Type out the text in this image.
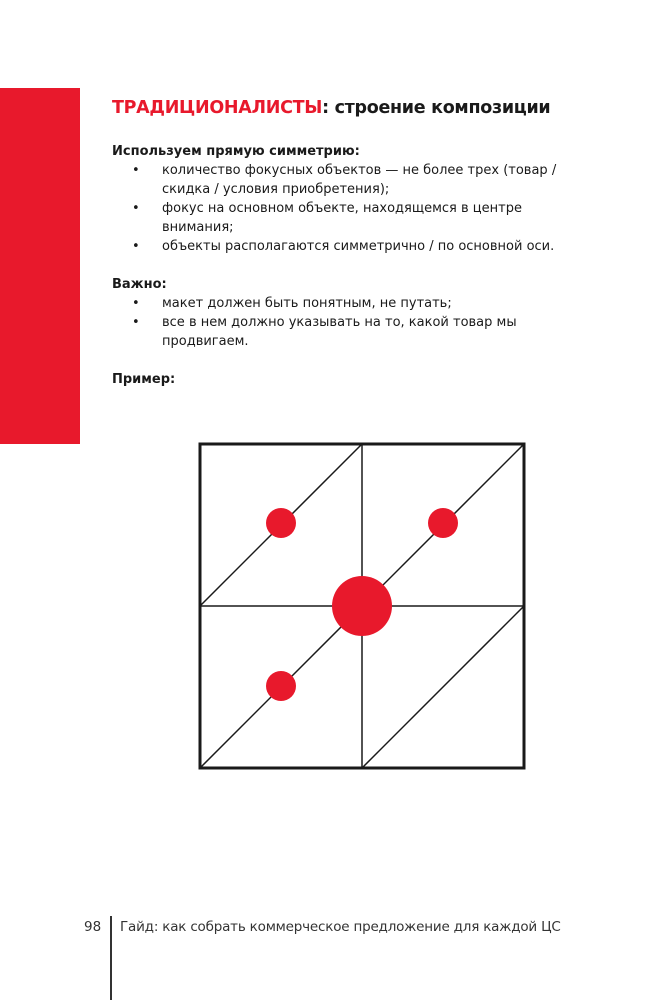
ТРАДИЦИОНАЛИСТЫ: строение композиции
Используем прямую симметрию:
• количество фокусных объектов — не более трех (товар / скидка / условия приобретения);
• фокус на основном объекте, находящемся в центре внимания;
• объекты располагаются симметрично / по основной оси.
Важно:
• макет должен быть понятным, не путать;
• все в нем должно указывать на то, какой товар мы продвигаем.
Пример:
98 Гайд: как собрать коммерческое предложение для каждой ЦС
